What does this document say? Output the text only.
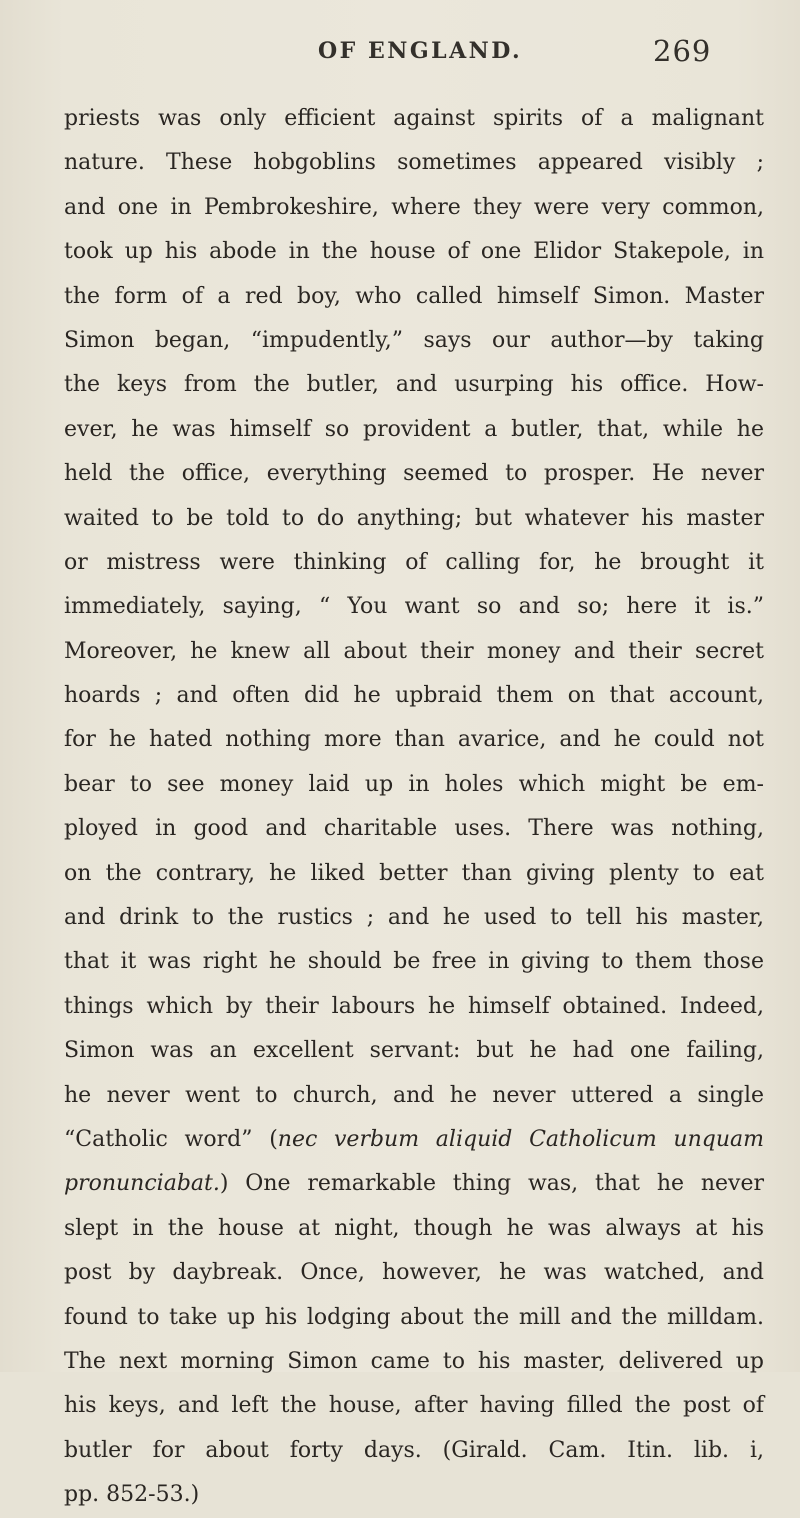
OF ENGLAND.	269
priests was only efficient against spirits of a malignant
nature. These hobgoblins sometimes appeared visibly ;
and one in Pembrokeshire, where they were very common,
took up his abode in the house of one Elidor Stakepole, in
the form of a red boy, who called himself Simon. Master
Simon began, “impudently,” says our author—by taking
the keys from the butler, and usurping his office. How-
ever, he was himself so provident a butler, that, while he
held the office, everything seemed to prosper. He never
waited to be told to do anything; but whatever his master
or mistress were thinking of calling for, he brought it
immediately, saying, “ You want so and so; here it is.”
Moreover, he knew all about their money and their secret
hoards ; and often did he upbraid them on that account,
for he hated nothing more than avarice, and he could not
bear to see money laid up in holes which might be em-
ployed in good and charitable uses. There was nothing,
on the contrary, he liked better than giving plenty to eat
and drink to the rustics ; and he used to tell his master,
that it was right he should be free in giving to them those
things which by their labours he himself obtained. Indeed,
Simon was an excellent servant: but he had one failing,
he never went to church, and he never uttered a single
“Catholic word” (nec verbum aliquid Catholicum unquam
pronunciabat.) One remarkable thing was, that he never
slept in the house at night, though he was always at his
post by daybreak. Once, however, he was watched, and
found to take up his lodging about the mill and the milldam.
The next morning Simon came to his master, delivered up
his keys, and left the house, after having filled the post of
butler for about forty days. (Girald. Cam. Itin. lib. i,
pp. 852-53.)
